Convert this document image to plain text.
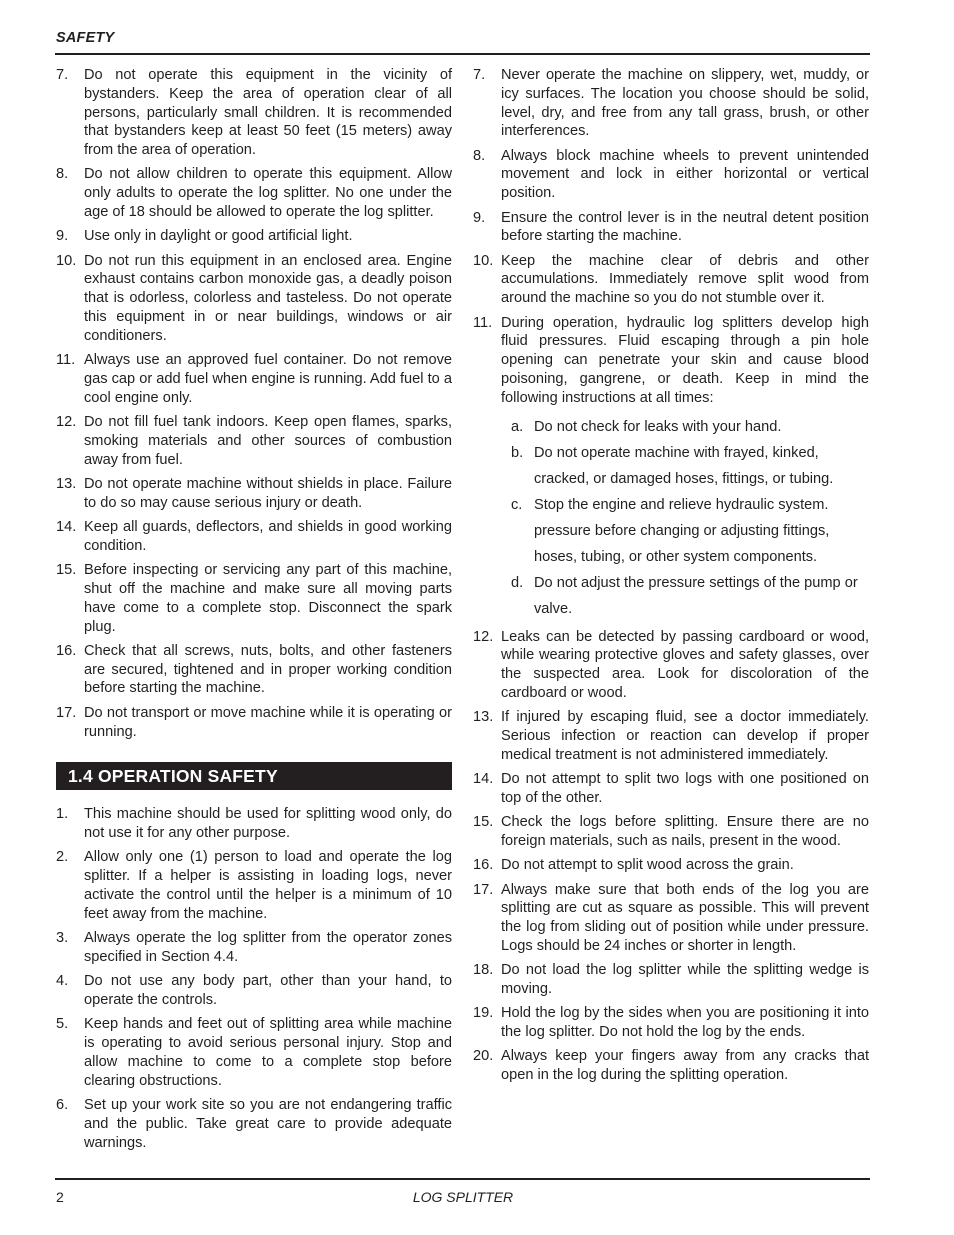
SAFETY
7.	Do not operate this equipment in the vicinity of bystanders. Keep the area of operation clear of all persons, particularly small children. It is recommended that bystanders keep at least 50 feet (15 meters) away from the area of operation.
8.	Do not allow children to operate this equipment. Allow only adults to operate the log splitter. No one under the age of 18 should be allowed to operate the log splitter.
9.	Use only in daylight or good artificial light.
10. Do not run this equipment in an enclosed area. Engine exhaust contains carbon monoxide gas, a deadly poison that is odorless, colorless and tasteless. Do not operate this equipment in or near buildings, windows or air conditioners.
11. Always use an approved fuel container. Do not remove gas cap or add fuel when engine is running. Add fuel to a cool engine only.
12. Do not fill fuel tank indoors. Keep open flames, sparks, smoking materials and other sources of combustion away from fuel.
13. Do not operate machine without shields in place. Failure to do so may cause serious injury or death.
14. Keep all guards, deflectors, and shields in good working condition.
15. Before inspecting or servicing any part of this machine, shut off the machine and make sure all moving parts have come to a complete stop. Disconnect the spark plug.
16. Check that all screws, nuts, bolts, and other fasteners are secured, tightened and in proper working condition before starting the machine.
17. Do not transport or move machine while it is operating or running.
1.4 OPERATION SAFETY
1.	This machine should be used for splitting wood only, do not use it for any other purpose.
2.	Allow only one (1) person to load and operate the log splitter. If a helper is assisting in loading logs, never activate the control until the helper is a minimum of 10 feet away from the machine.
3.	Always operate the log splitter from the operator zones specified in Section 4.4.
4.	Do not use any body part, other than your hand, to operate the controls.
5.	Keep hands and feet out of splitting area while machine is operating to avoid serious personal injury. Stop and allow machine to come to a complete stop before clearing obstructions.
6.	Set up your work site so you are not endangering traffic and the public. Take great care to provide adequate warnings.
7.	Never operate the machine on slippery, wet, muddy, or icy surfaces. The location you choose should be solid, level, dry, and free from any tall grass, brush, or other interferences.
8.	Always block machine wheels to prevent unintended movement and lock in either horizontal or vertical position.
9.	Ensure the control lever is in the neutral detent position before starting the machine.
10. Keep the machine clear of debris and other accumulations. Immediately remove split wood from around the machine so you do not stumble over it.
11. During operation, hydraulic log splitters develop high fluid pressures. Fluid escaping through a pin hole opening can penetrate your skin and cause blood poisoning, gangrene, or death. Keep in mind the following instructions at all times:
a. Do not check for leaks with your hand.
b. Do not operate machine with frayed, kinked, cracked, or damaged hoses, fittings, or tubing.
c. Stop the engine and relieve hydraulic system. pressure before changing or adjusting fittings, hoses, tubing, or other system components.
d. Do not adjust the pressure settings of the pump or valve.
12. Leaks can be detected by passing cardboard or wood, while wearing protective gloves and safety glasses, over the suspected area. Look for discoloration of the cardboard or wood.
13. If injured by escaping fluid, see a doctor immediately. Serious infection or reaction can develop if proper medical treatment is not administered immediately.
14. Do not attempt to split two logs with one positioned on top of the other.
15. Check the logs before splitting. Ensure there are no foreign materials, such as nails, present in the wood.
16. Do not attempt to split wood across the grain.
17. Always make sure that both ends of the log you are splitting are cut as square as possible. This will prevent the log from sliding out of position while under pressure. Logs should be 24 inches or shorter in length.
18. Do not load the log splitter while the splitting wedge is moving.
19. Hold the log by the sides when you are positioning it into the log splitter. Do not hold the log by the ends.
20. Always keep your fingers away from any cracks that open in the log during the splitting operation.
2	LOG SPLITTER
